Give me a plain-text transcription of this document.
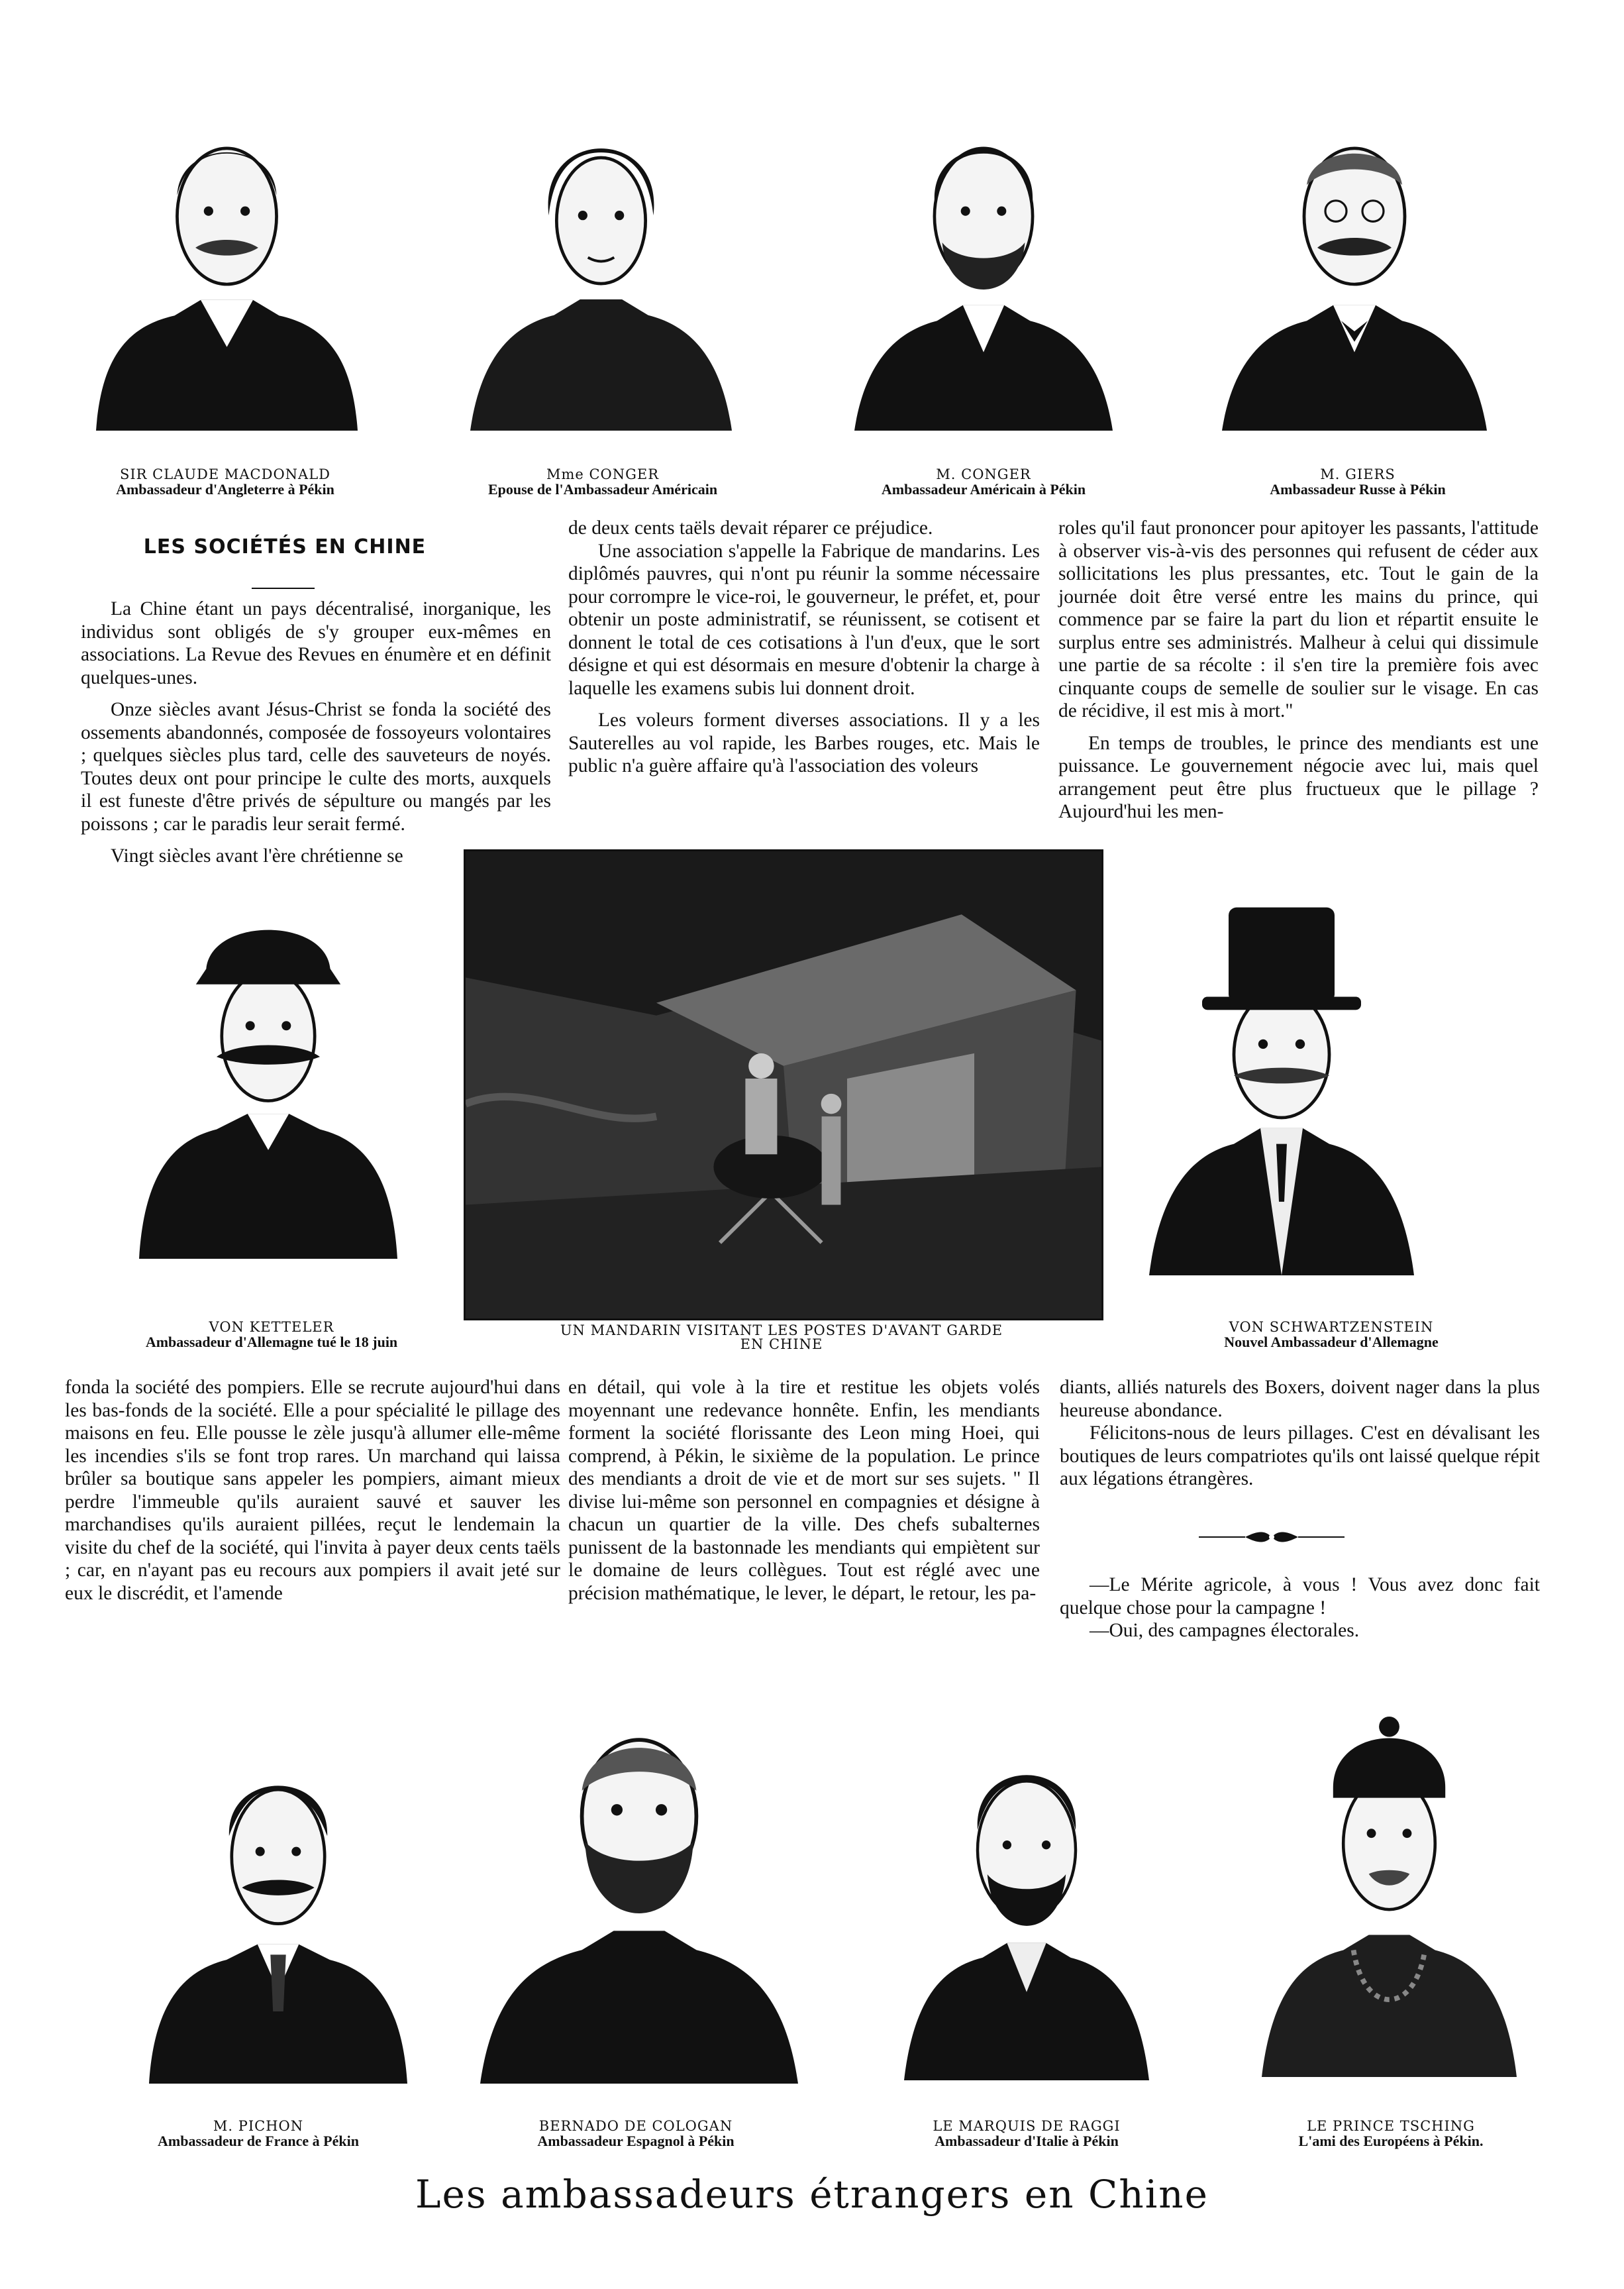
SIR CLAUDE MACDONALD
Ambassadeur d'Angleterre à Pékin
Mme CONGER
Epouse de l'Ambassadeur Américain
M. CONGER
Ambassadeur Américain à Pékin
M. GIERS
Ambassadeur Russe à Pékin
LES SOCIÉTÉS EN CHINE

La Chine étant un pays décentralisé, inorganique, les individus sont obligés de s'y grouper eux-mêmes en associations. La Revue des Revues en énumère et en définit quelques-unes.

Onze siècles avant Jésus-Christ se fonda la société des ossements abandonnés, composée de fossoyeurs volontaires ; quelques siècles plus tard, celle des sauveteurs de noyés. Toutes deux ont pour principe le culte des morts, auxquels il est funeste d'être privés de sépulture ou mangés par les poissons ; car le paradis leur serait fermé.

Vingt siècles avant l'ère chrétienne se

de deux cents taëls devait réparer ce préjudice.

Une association s'appelle la Fabrique de mandarins. Les diplômés pauvres, qui n'ont pu réunir la somme nécessaire pour corrompre le vice-roi, le gouverneur, le préfet, et, pour obtenir un poste administratif, se réunissent, se cotisent et donnent le total de ces cotisations à l'un d'eux, que le sort désigne et qui est désormais en mesure d'obtenir la charge à laquelle les examens subis lui donnent droit.

Les voleurs forment diverses associations. Il y a les Sauterelles au vol rapide, les Barbes rouges, etc. Mais le public n'a guère affaire qu'à l'association des voleurs

roles qu'il faut prononcer pour apitoyer les passants, l'attitude à observer vis-à-vis des personnes qui refusent de céder aux sollicitations les plus pressantes, etc. Tout le gain de la journée doit être versé entre les mains du prince, qui commence par se faire la part du lion et répartit ensuite le surplus entre ses administrés. Malheur à celui qui dissimule une partie de sa récolte : il s'en tire la première fois avec cinquante coups de semelle de soulier sur le visage. En cas de récidive, il est mis à mort."

En temps de troubles, le prince des mendiants est une puissance. Le gouvernement négocie avec lui, mais quel arrangement peut être plus fructueux que le pillage ? Aujourd'hui les men-

VON KETTELER
Ambassadeur d'Allemagne tué le 18 juin
UN MANDARIN VISITANT LES POSTES D'AVANT GARDE
EN CHINE
VON SCHWARTZENSTEIN
Nouvel Ambassadeur d'Allemagne

fonda la société des pompiers. Elle se recrute aujourd'hui dans les bas-fonds de la société. Elle a pour spécialité le pillage des maisons en feu. Elle pousse le zèle jusqu'à allumer elle-même les incendies s'ils se font trop rares. Un marchand qui laissa brûler sa boutique sans appeler les pompiers, aimant mieux perdre l'immeuble qu'ils auraient sauvé et sauver les marchandises qu'ils auraient pillées, reçut le lendemain la visite du chef de la société, qui l'invita à payer deux cents taëls ; car, en n'ayant pas eu recours aux pompiers il avait jeté sur eux le discrédit, et l'amende

en détail, qui vole à la tire et restitue les objets volés moyennant une redevance honnête. Enfin, les mendiants forment la société florissante des Leon ming Hoei, qui comprend, à Pékin, le sixième de la population. Le prince des mendiants a droit de vie et de mort sur ses sujets. " Il divise lui-même son personnel en compagnies et désigne à chacun un quartier de la ville. Des chefs subalternes punissent de la bastonnade les mendiants qui empiètent sur le domaine de leurs collègues. Tout est réglé avec une précision mathématique, le lever, le départ, le retour, les pa-

diants, alliés naturels des Boxers, doivent nager dans la plus heureuse abondance.

Félicitons-nous de leurs pillages. C'est en dévalisant les boutiques de leurs compatriotes qu'ils ont laissé quelque répit aux légations étrangères.

—Le Mérite agricole, à vous ! Vous avez donc fait quelque chose pour la campagne !

—Oui, des campagnes électorales.

M. PICHON
Ambassadeur de France à Pékin
BERNADO DE COLOGAN
Ambassadeur Espagnol à Pékin
LE MARQUIS DE RAGGI
Ambassadeur d'Italie à Pékin
LE PRINCE TSCHING
L'ami des Européens à Pékin.
Les ambassadeurs étrangers en Chine
